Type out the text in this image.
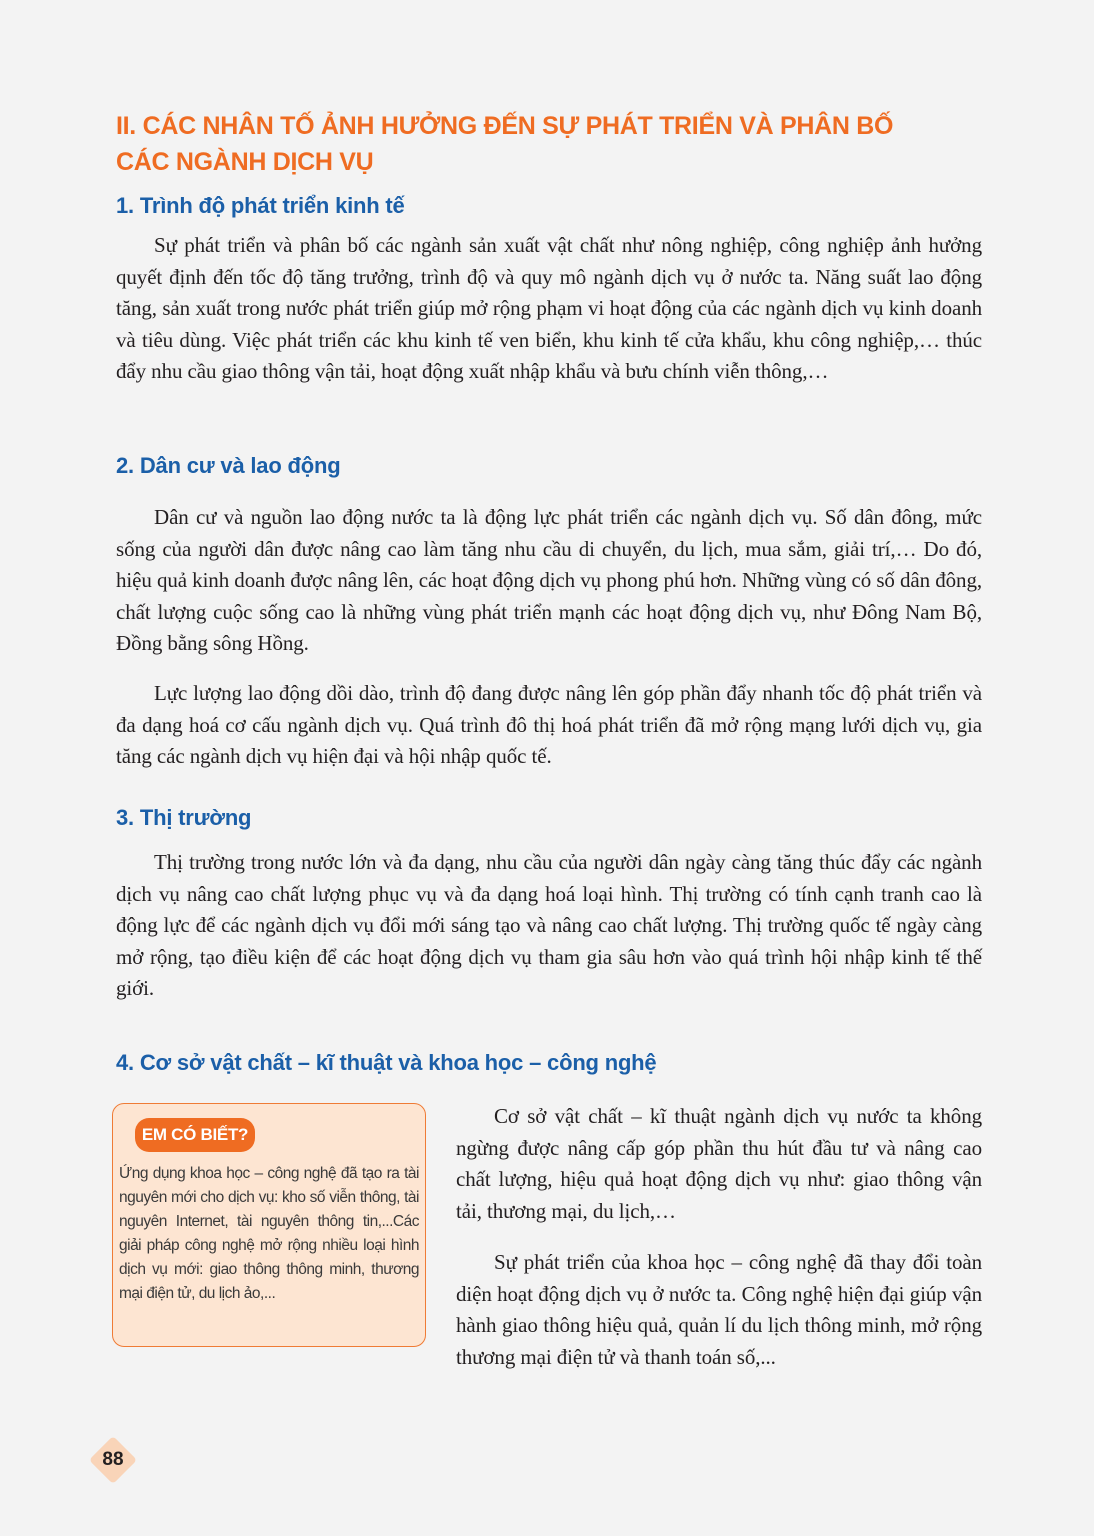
II. CÁC NHÂN TỐ ẢNH HƯỞNG ĐẾN SỰ PHÁT TRIỂN VÀ PHÂN BỐ
CÁC NGÀNH DỊCH VỤ
1. Trình độ phát triển kinh tế

Sự phát triển và phân bố các ngành sản xuất vật chất như nông nghiệp, công nghiệp ảnh hưởng quyết định đến tốc độ tăng trưởng, trình độ và quy mô ngành dịch vụ ở nước ta. Năng suất lao động tăng, sản xuất trong nước phát triển giúp mở rộng phạm vi hoạt động của các ngành dịch vụ kinh doanh và tiêu dùng. Việc phát triển các khu kinh tế ven biển, khu kinh tế cửa khẩu, khu công nghiệp,… thúc đẩy nhu cầu giao thông vận tải, hoạt động xuất nhập khẩu và bưu chính viễn thông,…

2. Dân cư và lao động

Dân cư và nguồn lao động nước ta là động lực phát triển các ngành dịch vụ. Số dân đông, mức sống của người dân được nâng cao làm tăng nhu cầu di chuyển, du lịch, mua sắm, giải trí,… Do đó, hiệu quả kinh doanh được nâng lên, các hoạt động dịch vụ phong phú hơn. Những vùng có số dân đông, chất lượng cuộc sống cao là những vùng phát triển mạnh các hoạt động dịch vụ, như Đông Nam Bộ, Đồng bằng sông Hồng.

Lực lượng lao động dồi dào, trình độ đang được nâng lên góp phần đẩy nhanh tốc độ phát triển và đa dạng hoá cơ cấu ngành dịch vụ. Quá trình đô thị hoá phát triển đã mở rộng mạng lưới dịch vụ, gia tăng các ngành dịch vụ hiện đại và hội nhập quốc tế.

3. Thị trường

Thị trường trong nước lớn và đa dạng, nhu cầu của người dân ngày càng tăng thúc đẩy các ngành dịch vụ nâng cao chất lượng phục vụ và đa dạng hoá loại hình. Thị trường có tính cạnh tranh cao là động lực để các ngành dịch vụ đổi mới sáng tạo và nâng cao chất lượng. Thị trường quốc tế ngày càng mở rộng, tạo điều kiện để các hoạt động dịch vụ tham gia sâu hơn vào quá trình hội nhập kinh tế thế giới.

4. Cơ sở vật chất – kĩ thuật và khoa học – công nghệ
EM CÓ BIẾT?

Ứng dụng khoa học – công nghệ đã tạo ra tài nguyên mới cho dịch vụ: kho số viễn thông, tài nguyên Internet, tài nguyên thông tin,...Các giải pháp công nghệ mở rộng nhiều loại hình dịch vụ mới: giao thông thông minh, thương mại điện tử, du lịch ảo,...

Cơ sở vật chất – kĩ thuật ngành dịch vụ nước ta không ngừng được nâng cấp góp phần thu hút đầu tư và nâng cao chất lượng, hiệu quả hoạt động dịch vụ như: giao thông vận tải, thương mại, du lịch,…

Sự phát triển của khoa học – công nghệ đã thay đổi toàn diện hoạt động dịch vụ ở nước ta. Công nghệ hiện đại giúp vận hành giao thông hiệu quả, quản lí du lịch thông minh, mở rộng thương mại điện tử và thanh toán số,...

88
